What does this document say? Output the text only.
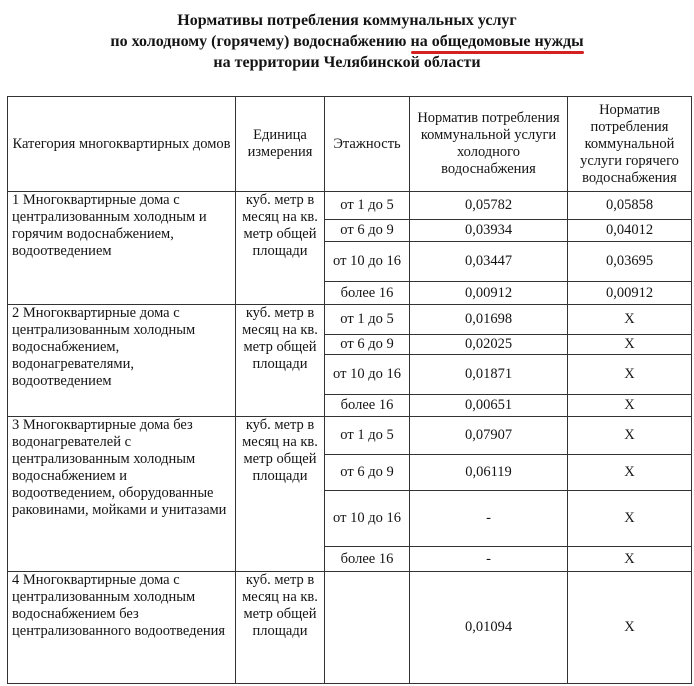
Нормативы потребления коммунальных услуг
по холодному (горячему) водоснабжению на общедомовые нужды
на территории Челябинской области
Категория многоквартирных домов	Единица измерения	Этажность	Норматив потребления коммунальной услуги холодного водоснабжения	Норматив потребления коммунальной услуги горячего водоснабжения
1 Многоквартирные дома с централизованным холодным и горячим водоснабжением, водоотведением	куб. метр в месяц на кв. метр общей площади	от 1 до 5	0,05782	0,05858
		от 6 до 9	0,03934	0,04012
		от 10 до 16	0,03447	0,03695
		более 16	0,00912	0,00912
2 Многоквартирные дома с централизованным холодным водоснабжением, водонагревателями, водоотведением	куб. метр в месяц на кв. метр общей площади	от 1 до 5	0,01698	X
		от 6 до 9	0,02025	X
		от 10 до 16	0,01871	X
		более 16	0,00651	X
3 Многоквартирные дома без водонагревателей с централизованным холодным водоснабжением и водоотведением, оборудованные раковинами, мойками и унитазами	куб. метр в месяц на кв. метр общей площади	от 1 до 5	0,07907	X
		от 6 до 9	0,06119	X
		от 10 до 16	-	X
		более 16	-	X
4 Многоквартирные дома с централизованным холодным водоснабжением без централизованного водоотведения	куб. метр в месяц на кв. метр общей площади		0,01094	X
